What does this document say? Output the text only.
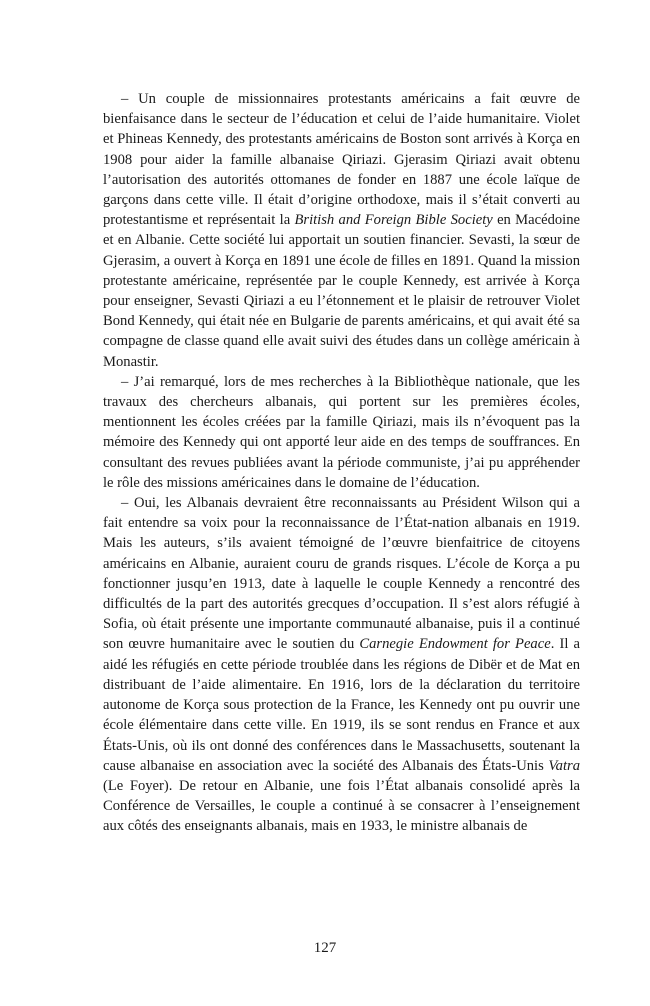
– Un couple de missionnaires protestants américains a fait œuvre de bienfaisance dans le secteur de l’éducation et celui de l’aide humanitaire. Violet et Phineas Kennedy, des protestants américains de Boston sont arrivés à Korça en 1908 pour aider la famille albanaise Qiriazi. Gjerasim Qiriazi avait obtenu l’autorisation des autorités ottomanes de fonder en 1887 une école laïque de garçons dans cette ville. Il était d’origine orthodoxe, mais il s’était converti au protestantisme et représentait la British and Foreign Bible Society en Macédoine et en Albanie. Cette société lui apportait un soutien financier. Sevasti, la sœur de Gjerasim, a ouvert à Korça en 1891 une école de filles en 1891. Quand la mission protestante américaine, représentée par le couple Kennedy, est arrivée à Korça pour enseigner, Sevasti Qiriazi a eu l’étonnement et le plaisir de retrouver Violet Bond Kennedy, qui était née en Bulgarie de parents américains, et qui avait été sa compagne de classe quand elle avait suivi des études dans un collège américain à Monastir.

– J’ai remarqué, lors de mes recherches à la Bibliothèque nationale, que les travaux des chercheurs albanais, qui portent sur les premières écoles, mentionnent les écoles créées par la famille Qiriazi, mais ils n’évoquent pas la mémoire des Kennedy qui ont apporté leur aide en des temps de souffrances. En consultant des revues publiées avant la période communiste, j’ai pu appréhender le rôle des missions américaines dans le domaine de l’éducation.

– Oui, les Albanais devraient être reconnaissants au Président Wilson qui a fait entendre sa voix pour la reconnaissance de l’État-nation albanais en 1919. Mais les auteurs, s’ils avaient témoigné de l’œuvre bienfaitrice de citoyens américains en Albanie, auraient couru de grands risques. L’école de Korça a pu fonctionner jusqu’en 1913, date à laquelle le couple Kennedy a rencontré des difficultés de la part des autorités grecques d’occupation. Il s’est alors réfugié à Sofia, où était présente une importante communauté albanaise, puis il a continué son œuvre humanitaire avec le soutien du Carnegie Endowment for Peace. Il a aidé les réfugiés en cette période troublée dans les régions de Dibër et de Mat en distribuant de l’aide alimentaire. En 1916, lors de la déclaration du territoire autonome de Korça sous protection de la France, les Kennedy ont pu ouvrir une école élémentaire dans cette ville. En 1919, ils se sont rendus en France et aux États-Unis, où ils ont donné des conférences dans le Massachusetts, soutenant la cause albanaise en association avec la société des Albanais des États-Unis Vatra (Le Foyer). De retour en Albanie, une fois l’État albanais consolidé après la Conférence de Versailles, le couple a continué à se consacrer à l’enseignement aux côtés des enseignants albanais, mais en 1933, le ministre albanais de

127
